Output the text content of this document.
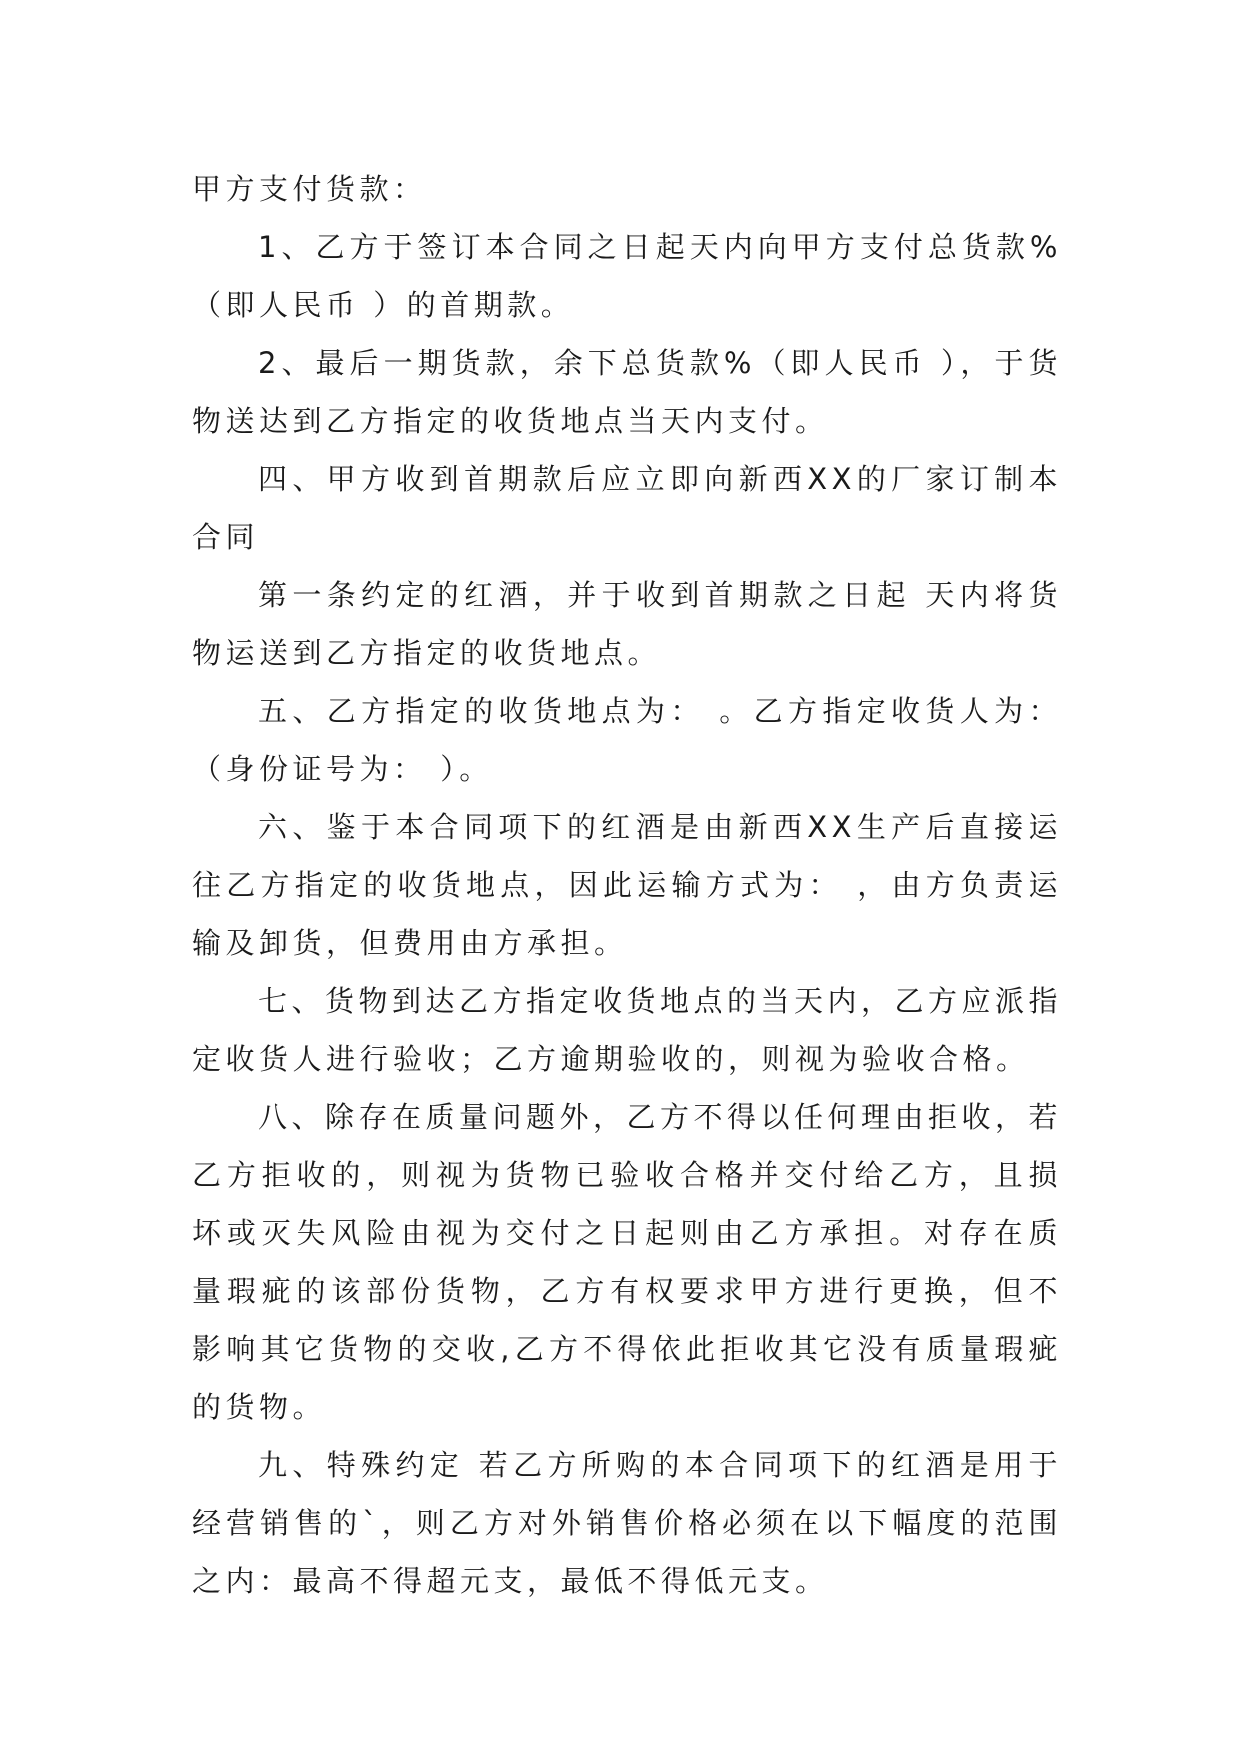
甲方支付货款：

1、乙方于签订本合同之日起天内向甲方支付总货款%（即人民币 ）的首期款。

2、最后一期货款，余下总货款%（即人民币 ），于货物送达到乙方指定的收货地点当天内支付。

四、甲方收到首期款后应立即向新西XX的厂家订制本合同

第一条约定的红酒，并于收到首期款之日起 天内将货物运送到乙方指定的收货地点。

五、乙方指定的收货地点为： 。乙方指定收货人为：（身份证号为： ）。

六、鉴于本合同项下的红酒是由新西XX生产后直接运往乙方指定的收货地点，因此运输方式为： ，由方负责运输及卸货，但费用由方承担。

七、货物到达乙方指定收货地点的当天内，乙方应派指定收货人进行验收；乙方逾期验收的，则视为验收合格。

八、除存在质量问题外，乙方不得以任何理由拒收，若乙方拒收的，则视为货物已验收合格并交付给乙方，且损坏或灭失风险由视为交付之日起则由乙方承担。对存在质量瑕疵的该部份货物，乙方有权要求甲方进行更换，但不影响其它货物的交收,乙方不得依此拒收其它没有质量瑕疵的货物。

九、特殊约定 若乙方所购的本合同项下的红酒是用于经营销售的`，则乙方对外销售价格必须在以下幅度的范围之内：最高不得超元支，最低不得低元支。
